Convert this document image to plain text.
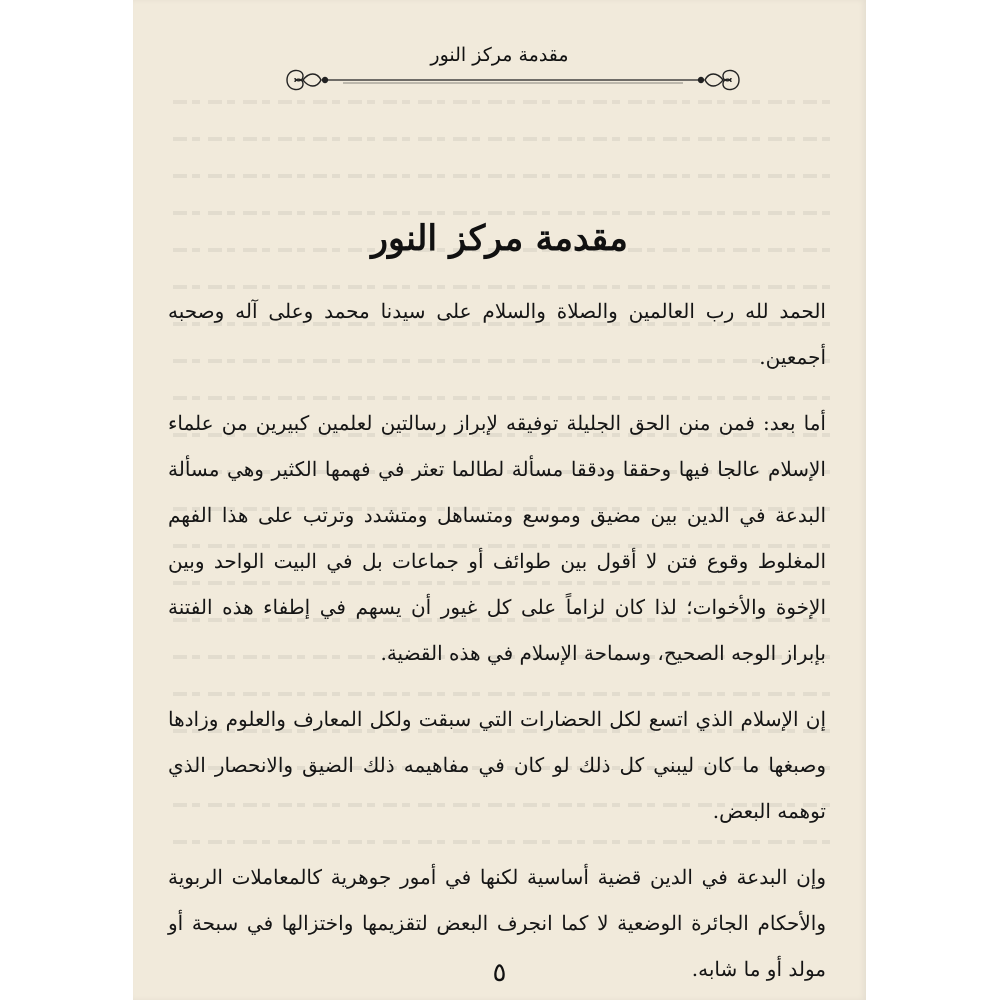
مقدمة مركز النور
مقدمة مركز النور

الحمد لله رب العالمين والصلاة والسلام على سيدنا محمد وعلى آله وصحبه أجمعين.

أما بعد: فمن منن الحق الجليلة توفيقه لإبراز رسالتين لعلمين كبيرين من علماء الإسلام عالجا فيها وحققا ودققا مسألة لطالما تعثر في فهمها الكثير وهي مسألة البدعة في الدين بين مضيق وموسع ومتساهل ومتشدد وترتب على هذا الفهم المغلوط وقوع فتن لا أقول بين طوائف أو جماعات بل في البيت الواحد وبين الإخوة والأخوات؛ لذا كان لزاماً على كل غيور أن يسهم في إطفاء هذه الفتنة بإبراز الوجه الصحيح، وسماحة الإسلام في هذه القضية.

إن الإسلام الذي اتسع لكل الحضارات التي سبقت ولكل المعارف والعلوم وزادها وصبغها ما كان ليبني كل ذلك لو كان في مفاهيمه ذلك الضيق والانحصار الذي توهمه البعض.

وإن البدعة في الدين قضية أساسية لكنها في أمور جوهرية كالمعاملات الربوية والأحكام الجائرة الوضعية لا كما انجرف البعض لتقزيمها واختزالها في سبحة أو مولد أو ما شابه.

٥
